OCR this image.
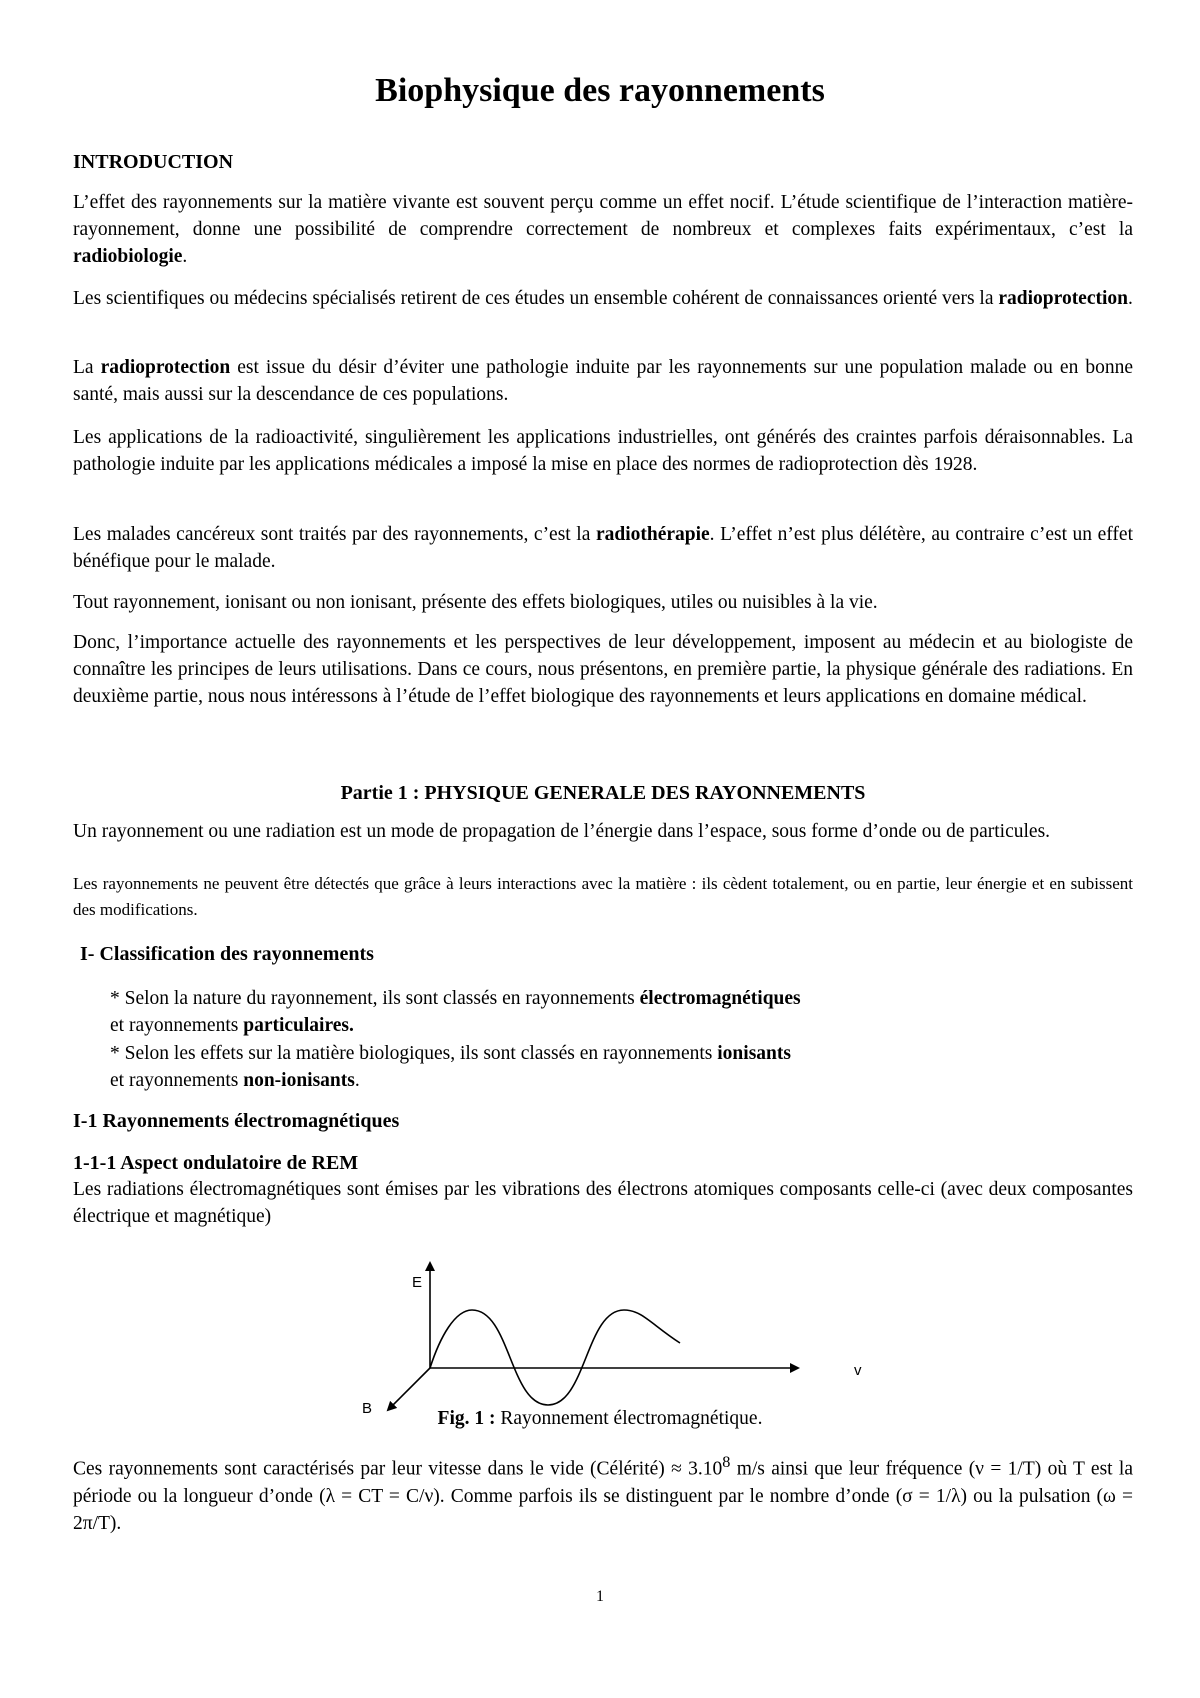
Biophysique des rayonnements
INTRODUCTION

L’effet des rayonnements sur la matière vivante est souvent perçu comme un effet nocif. L’étude scientifique de l’interaction matière-rayonnement, donne une possibilité de comprendre correctement de nombreux et complexes faits expérimentaux, c’est la radiobiologie.

Les scientifiques ou médecins spécialisés retirent de ces études un ensemble cohérent de connaissances orienté vers la radioprotection.

La radioprotection est issue du désir d’éviter une pathologie induite par les rayonnements sur une population malade ou en bonne santé, mais aussi sur la descendance de ces populations.

Les applications de la radioactivité, singulièrement les applications industrielles, ont générés des craintes parfois déraisonnables. La pathologie induite par les applications médicales a imposé la mise en place des normes de radioprotection dès 1928.

Les malades cancéreux sont traités par des rayonnements, c’est la radiothérapie. L’effet n’est plus délétère, au contraire c’est un effet bénéfique pour le malade.

Tout rayonnement, ionisant ou non ionisant, présente des effets biologiques, utiles ou nuisibles à la vie.

Donc, l’importance actuelle des rayonnements et les perspectives de leur développement, imposent au médecin et au biologiste de connaître les principes de leurs utilisations. Dans ce cours, nous présentons, en première partie, la physique générale des radiations. En deuxième partie, nous nous intéressons à l’étude de l’effet biologique des rayonnements et leurs applications en domaine médical.

Partie 1 : PHYSIQUE GENERALE DES RAYONNEMENTS

Un rayonnement ou une radiation est un mode de propagation de l’énergie dans l’espace, sous forme d’onde ou de particules.

Les rayonnements ne peuvent être détectés que grâce à leurs interactions avec la matière : ils cèdent totalement, ou en partie, leur énergie et en subissent des modifications.

I- Classification des rayonnements

* Selon la nature du rayonnement, ils sont classés en rayonnements électromagnétiques
et rayonnements particulaires.

* Selon les effets sur la matière biologiques, ils sont classés en rayonnements ionisants
et rayonnements non-ionisants.

I-1 Rayonnements électromagnétiques
1-1-1 Aspect ondulatoire de REM

Les radiations électromagnétiques sont émises par les vibrations des électrons atomiques composants celle-ci (avec deux composantes électrique et magnétique)

E
v
B	Fig. 1 : Rayonnement électromagnétique.

Ces rayonnements sont caractérisés par leur vitesse dans le vide (Célérité) ≈ $3.10^8$ m/s ainsi que leur fréquence (ν = 1/T) où T est la période ou la longueur d’onde (λ = CT = C/ν). Comme parfois ils se distinguent par le nombre d’onde (σ = 1/λ) ou la pulsation (ω = 2π/T).

1
